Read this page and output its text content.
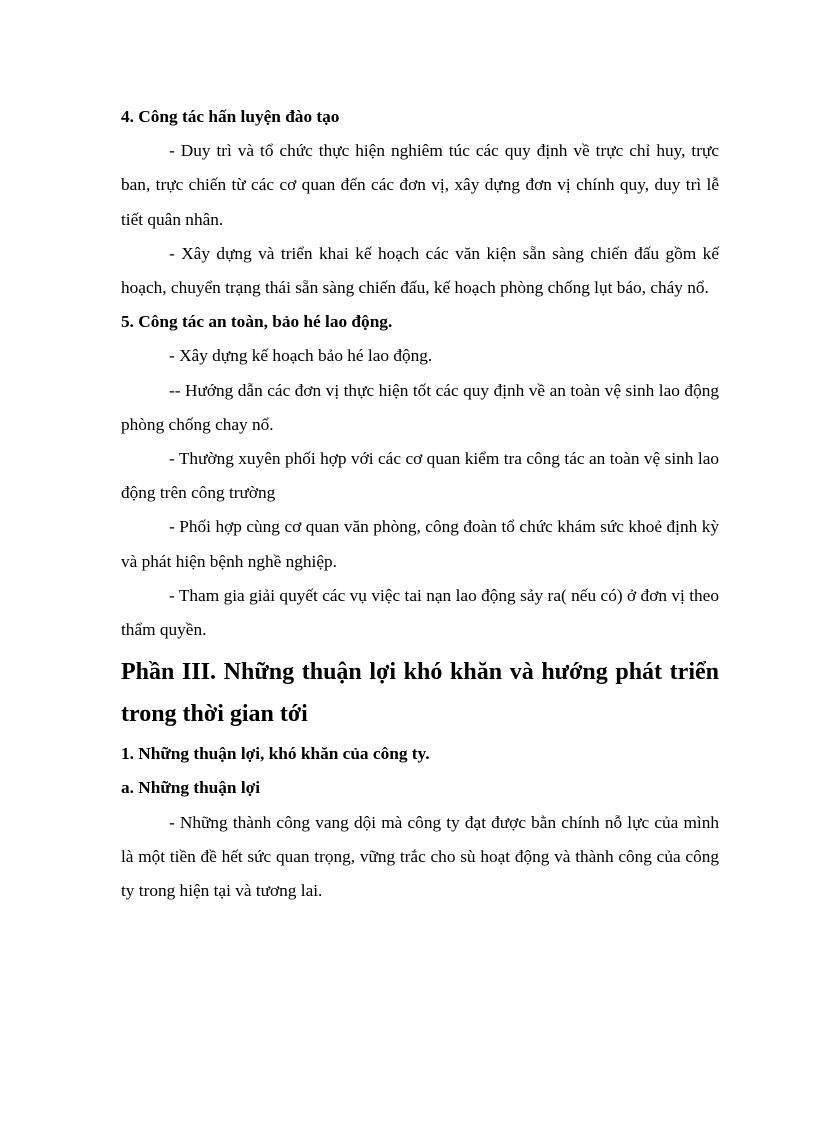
4. Công tác hấn luyện đào tạo

- Duy trì và tổ chức thực hiện nghiêm túc các quy định về trực chỉ huy, trực ban, trực chiến từ các cơ quan đến các đơn vị, xây dựng đơn vị chính quy, duy trì lễ tiết quân nhân.

- Xây dựng và triển khai kế hoạch các văn kiện sẵn sàng chiến đấu gồm kế hoạch, chuyển trạng thái sẵn sàng chiến đấu, kế hoạch phòng chống lụt báo, cháy nổ.

5. Công tác an toàn, bảo hé lao động.

- Xây dựng kế hoạch bảo hé lao động.

-- Hướng dẫn các đơn vị thực hiện tốt các quy định về an toàn vệ sinh lao động phòng chống chay nổ.

- Thường xuyên phối hợp với các cơ quan kiểm tra công tác an toàn vệ sinh lao động trên công trường

- Phối hợp cùng cơ quan văn phòng, công đoàn tổ chức khám sức khoẻ định kỳ và phát hiện bệnh nghề nghiệp.

- Tham gia giải quyết các vụ việc tai nạn lao động sảy ra( nếu có) ở đơn vị theo thẩm quyền.

Phần III. Những thuận lợi khó khăn và hướng phát triển trong thời gian tới

1. Những thuận lợi, khó khăn của công ty.

a. Những thuận lợi

- Những thành công vang dội mà công ty đạt được bằn chính nỗ lực của mình là một tiền đề hết sức quan trọng, vững trắc cho sù hoạt động và thành công của công ty trong hiện tại và tương lai.
